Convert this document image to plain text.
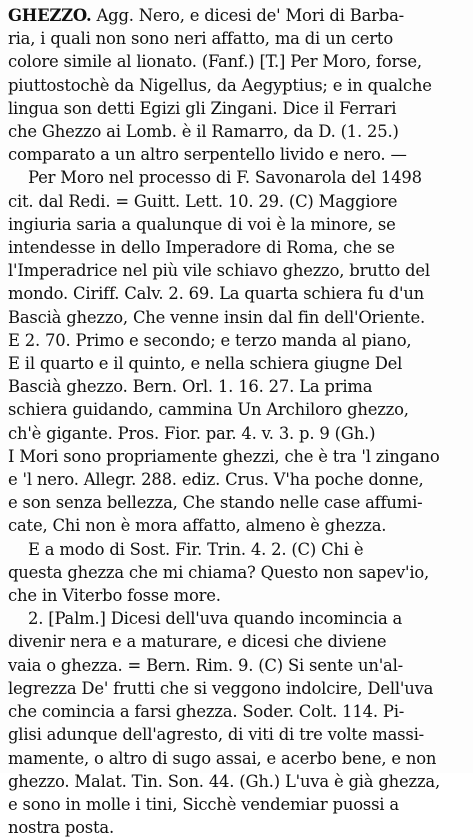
GHEZZO. Agg. Nero, e dicesi de' Mori di Barba-
ria, i quali non sono neri affatto, ma di un certo
colore simile al lionato. (Fanf.) [T.] Per Moro, forse,
piuttostochè da Nigellus, da Aegyptius; e in qualche
lingua son detti Egizi gli Zingani. Dice il Ferrari
che Ghezzo ai Lomb. è il Ramarro, da D. (1. 25.)
comparato a un altro serpentello livido e nero. —
Per Moro nel processo di F. Savonarola del 1498
cit. dal Redi. = Guitt. Lett. 10. 29. (C) Maggiore
ingiuria saria a qualunque di voi è la minore, se
intendesse in dello Imperadore di Roma, che se
l'Imperadrice nel più vile schiavo ghezzo, brutto del
mondo. Ciriff. Calv. 2. 69. La quarta schiera fu d'un
Bascià ghezzo, Che venne insin dal fin dell'Oriente.
E 2. 70. Primo e secondo; e terzo manda al piano,
E il quarto e il quinto, e nella schiera giugne Del
Bascià ghezzo. Bern. Orl. 1. 16. 27. La prima
schiera guidando, cammina Un Archiloro ghezzo,
ch'è gigante. Pros. Fior. par. 4. v. 3. p. 9 (Gh.)
I Mori sono propriamente ghezzi, che è tra 'l zingano
e 'l nero. Allegr. 288. ediz. Crus. V'ha poche donne,
e son senza bellezza, Che stando nelle case affumi-
cate, Chi non è mora affatto, almeno è ghezza.
E a modo di Sost. Fir. Trin. 4. 2. (C) Chi è
questa ghezza che mi chiama? Questo non sapev'io,
che in Viterbo fosse more.

2. [Palm.] Dicesi dell'uva quando incomincia a
divenir nera e a maturare, e dicesi che diviene
vaia o ghezza. = Bern. Rim. 9. (C) Si sente un'al-
legrezza De' frutti che si veggono indolcire, Dell'uva
che comincia a farsi ghezza. Soder. Colt. 114. Pi-
glisi adunque dell'agresto, di viti di tre volte massi-
mamente, o altro di sugo assai, e acerbo bene, e non
ghezzo. Malat. Tin. Son. 44. (Gh.) L'uva è già ghezza,
e sono in molle i tini, Sicchè vendemiar puossi a
nostra posta.
